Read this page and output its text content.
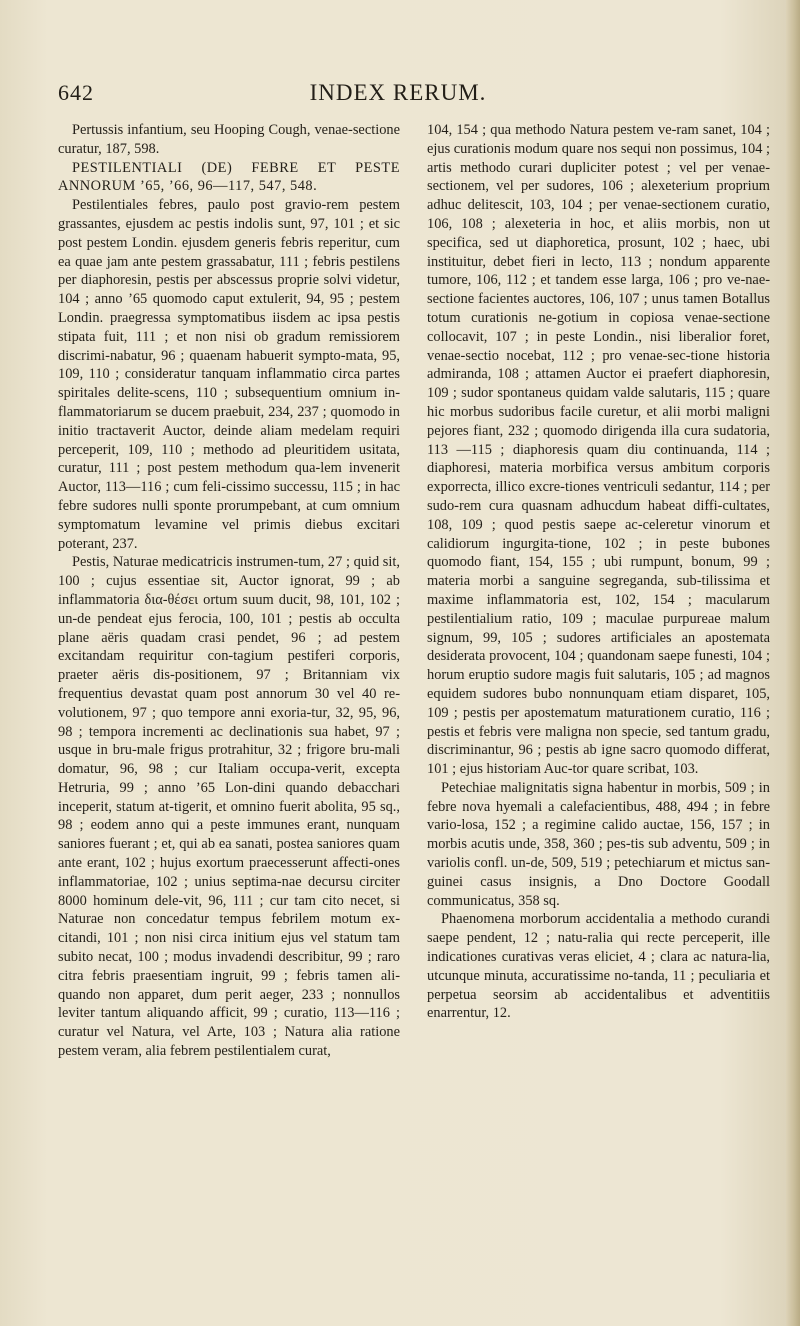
642	INDEX RERUM.

Pertussis infantium, seu Hooping Cough, venae-sectione curatur, 187, 598.

PESTILENTIALI (DE) FEBRE ET PESTE ANNORUM ’65, ’66, 96—117, 547, 548.

Pestilentiales febres, paulo post gravio-rem pestem grassantes, ejusdem ac pestis indolis sunt, 97, 101 ; et sic post pestem Londin. ejusdem generis febris reperitur, cum ea quae jam ante pestem grassabatur, 111 ; febris pestilens per diaphoresin, pestis per abscessus proprie solvi videtur, 104 ; anno ’65 quomodo caput extulerit, 94, 95 ; pestem Londin. praegressa symptomatibus iisdem ac ipsa pestis stipata fuit, 111 ; et non nisi ob gradum remissiorem discrimi-nabatur, 96 ; quaenam habuerit sympto-mata, 95, 109, 110 ; consideratur tanquam inflammatio circa partes spiritales delite-scens, 110 ; subsequentium omnium in-flammatoriarum se ducem praebuit, 234, 237 ; quomodo in initio tractaverit Auctor, deinde aliam medelam requiri perceperit, 109, 110 ; methodo ad pleuritidem usitata, curatur, 111 ; post pestem methodum qua-lem invenerit Auctor, 113—116 ; cum feli-cissimo successu, 115 ; in hac febre sudores nulli sponte prorumpebant, at cum omnium symptomatum levamine vel primis diebus excitari poterant, 237.

Pestis, Naturae medicatricis instrumen-tum, 27 ; quid sit, 100 ; cujus essentiae sit, Auctor ignorat, 99 ; ab inflammatoria δια-θέσει ortum suum ducit, 98, 101, 102 ; un-de pendeat ejus ferocia, 100, 101 ; pestis ab occulta plane aëris quadam crasi pendet, 96 ; ad pestem excitandam requiritur con-tagium pestiferi corporis, praeter aëris dis-positionem, 97 ; Britanniam vix frequentius devastat quam post annorum 30 vel 40 re-volutionem, 97 ; quo tempore anni exoria-tur, 32, 95, 96, 98 ; tempora incrementi ac declinationis sua habet, 97 ; usque in bru-male frigus protrahitur, 32 ; frigore bru-mali domatur, 96, 98 ; cur Italiam occupa-verit, excepta Hetruria, 99 ; anno ’65 Lon-dini quando debacchari inceperit, statum at-tigerit, et omnino fuerit abolita, 95 sq., 98 ; eodem anno qui a peste immunes erant, nunquam saniores fuerant ; et, qui ab ea sanati, postea saniores quam ante erant, 102 ; hujus exortum praecesserunt affecti-ones inflammatoriae, 102 ; unius septima-nae decursu circiter 8000 hominum dele-vit, 96, 111 ; cur tam cito necet, si Naturae non concedatur tempus febrilem motum ex-citandi, 101 ; non nisi circa initium ejus vel statum tam subito necat, 100 ; modus invadendi describitur, 99 ; raro citra febris praesentiam ingruit, 99 ; febris tamen ali-quando non apparet, dum perit aeger, 233 ; nonnullos leviter tantum aliquando afficit, 99 ; curatio, 113—116 ; curatur vel Natura, vel Arte, 103 ; Natura alia ratione pestem veram, alia febrem pestilentialem curat,

104, 154 ; qua methodo Natura pestem ve-ram sanet, 104 ; ejus curationis modum quare nos sequi non possimus, 104 ; artis methodo curari dupliciter potest ; vel per venae-sectionem, vel per sudores, 106 ; alexeterium proprium adhuc delitescit, 103, 104 ; per venae-sectionem curatio, 106, 108 ; alexeteria in hoc, et aliis morbis, non ut specifica, sed ut diaphoretica, prosunt, 102 ; haec, ubi instituitur, debet fieri in lecto, 113 ; nondum apparente tumore, 106, 112 ; et tandem esse larga, 106 ; pro ve-nae-sectione facientes auctores, 106, 107 ; unus tamen Botallus totum curationis ne-gotium in copiosa venae-sectione collocavit, 107 ; in peste Londin., nisi liberalior foret, venae-sectio nocebat, 112 ; pro venae-sec-tione historia admiranda, 108 ; attamen Auctor ei praefert diaphoresin, 109 ; sudor spontaneus quidam valde salutaris, 115 ; quare hic morbus sudoribus facile curetur, et alii morbi maligni pejores fiant, 232 ; quomodo dirigenda illa cura sudatoria, 113 —115 ; diaphoresis quam diu continuanda, 114 ; diaphoresi, materia morbifica versus ambitum corporis exporrecta, illico excre-tiones ventriculi sedantur, 114 ; per sudo-rem cura quasnam adhucdum habeat diffi-cultates, 108, 109 ; quod pestis saepe ac-celeretur vinorum et calidiorum ingurgita-tione, 102 ; in peste bubones quomodo fiant, 154, 155 ; ubi rumpunt, bonum, 99 ; materia morbi a sanguine segreganda, sub-tilissima et maxime inflammatoria est, 102, 154 ; macularum pestilentialium ratio, 109 ; maculae purpureae malum signum, 99, 105 ; sudores artificiales an apostemata desiderata provocent, 104 ; quandonam saepe funesti, 104 ; horum eruptio sudore magis fuit salutaris, 105 ; ad magnos equidem sudores bubo nonnunquam etiam disparet, 105, 109 ; pestis per apostematum maturationem curatio, 116 ; pestis et febris vere maligna non specie, sed tantum gradu, discriminantur, 96 ; pestis ab igne sacro quomodo differat, 101 ; ejus historiam Auc-tor quare scribat, 103.

Petechiae malignitatis signa habentur in morbis, 509 ; in febre nova hyemali a calefacientibus, 488, 494 ; in febre vario-losa, 152 ; a regimine calido auctae, 156, 157 ; in morbis acutis unde, 358, 360 ; pes-tis sub adventu, 509 ; in variolis confl. un-de, 509, 519 ; petechiarum et mictus san-guinei casus insignis, a Dno Doctore Goodall communicatus, 358 sq.

Phaenomena morborum accidentalia a methodo curandi saepe pendent, 12 ; natu-ralia qui recte perceperit, ille indicationes curativas veras eliciet, 4 ; clara ac natura-lia, utcunque minuta, accuratissime no-tanda, 11 ; peculiaria et perpetua seorsim ab accidentalibus et adventitiis enarrentur, 12.
